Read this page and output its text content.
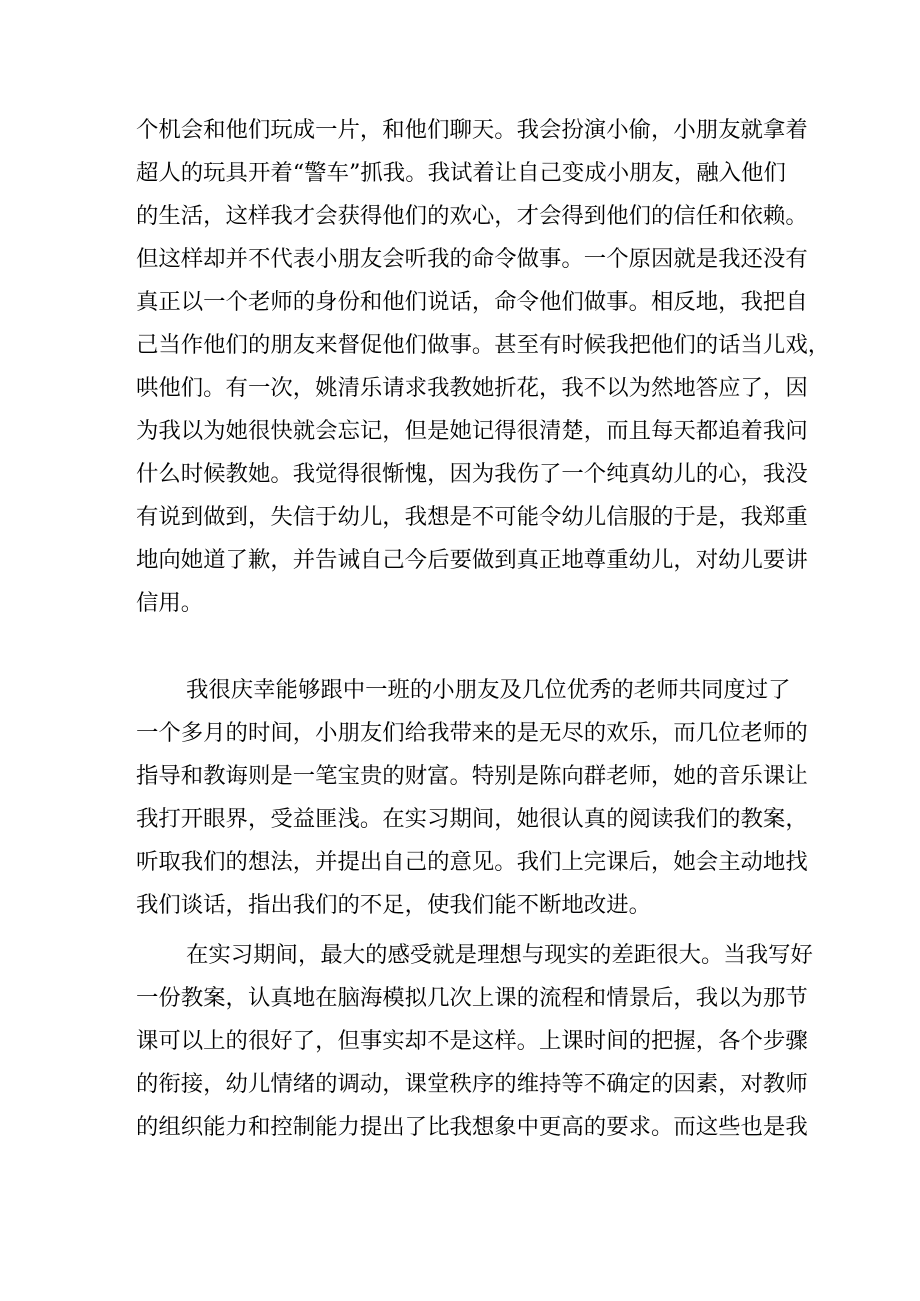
个机会和他们玩成一片，和他们聊天。我会扮演小偷，小朋友就拿着

超人的玩具开着“警车”抓我。我试着让自己变成小朋友，融入他们

的生活，这样我才会获得他们的欢心，才会得到他们的信任和依赖。

但这样却并不代表小朋友会听我的命令做事。一个原因就是我还没有

真正以一个老师的身份和他们说话，命令他们做事。相反地，我把自

己当作他们的朋友来督促他们做事。甚至有时候我把他们的话当儿戏，

哄他们。有一次，姚清乐请求我教她折花，我不以为然地答应了，因

为我以为她很快就会忘记，但是她记得很清楚，而且每天都追着我问

什么时候教她。我觉得很惭愧，因为我伤了一个纯真幼儿的心，我没

有说到做到，失信于幼儿，我想是不可能令幼儿信服的于是，我郑重

地向她道了歉，并告诫自己今后要做到真正地尊重幼儿，对幼儿要讲

信用。

我很庆幸能够跟中一班的小朋友及几位优秀的老师共同度过了

一个多月的时间，小朋友们给我带来的是无尽的欢乐，而几位老师的

指导和教诲则是一笔宝贵的财富。特别是陈向群老师，她的音乐课让

我打开眼界，受益匪浅。在实习期间，她很认真的阅读我们的教案，

听取我们的想法，并提出自己的意见。我们上完课后，她会主动地找

我们谈话，指出我们的不足，使我们能不断地改进。

在实习期间，最大的感受就是理想与现实的差距很大。当我写好

一份教案，认真地在脑海模拟几次上课的流程和情景后，我以为那节

课可以上的很好了，但事实却不是这样。上课时间的把握，各个步骤

的衔接，幼儿情绪的调动，课堂秩序的维持等不确定的因素，对教师

的组织能力和控制能力提出了比我想象中更高的要求。而这些也是我
